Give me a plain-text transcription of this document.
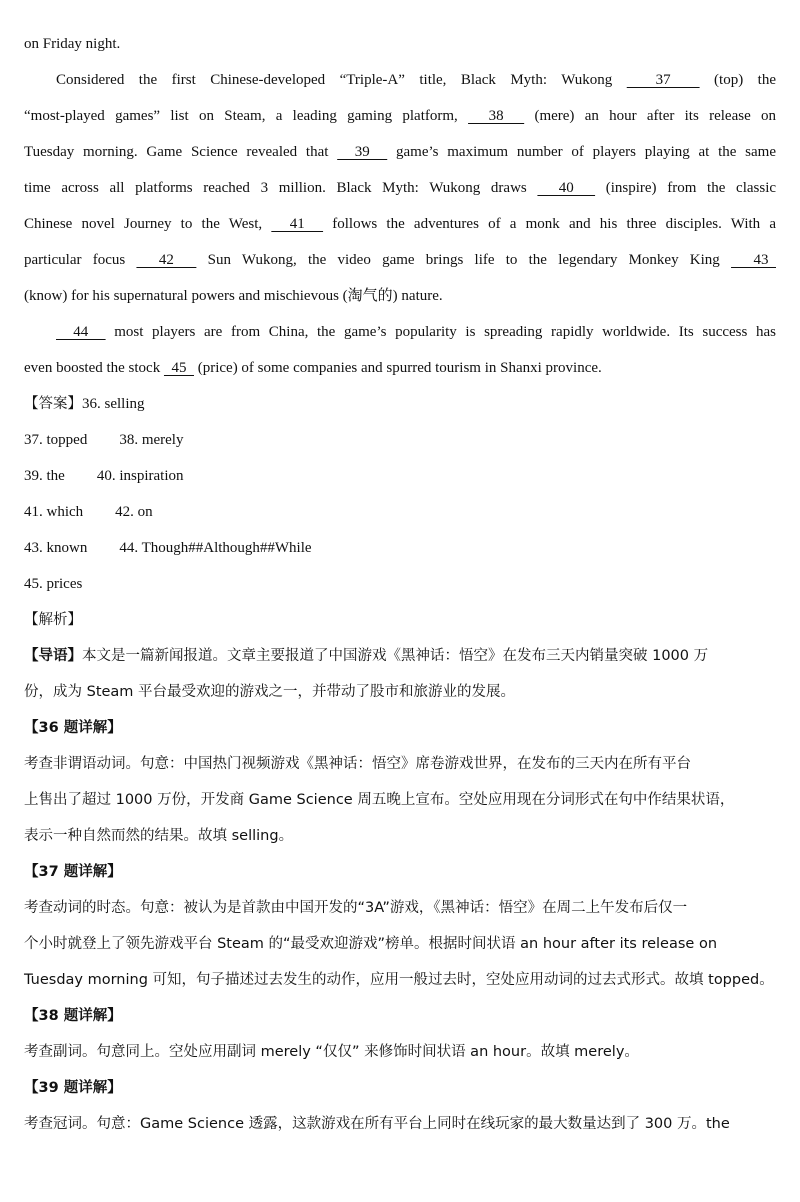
on Friday night.
Considered the first Chinese-developed “Triple-A” title, Black Myth: Wukong   37   (top) the
“most-played games” list on Steam, a leading gaming platform,   38   (mere) an hour after its release on
Tuesday morning. Game Science revealed that   39   game’s maximum number of players playing at the same
time across all platforms reached 3 million. Black Myth: Wukong draws   40   (inspire) from the classic
Chinese novel Journey to the West,   41   follows the adventures of a monk and his three disciples. With a
particular focus   42   Sun Wukong, the video game brings life to the legendary Monkey King   43
(know) for his supernatural powers and mischievous (淘气的) nature.
44   most players are from China, the game’s popularity is spreading rapidly worldwide. Its success has
even boosted the stock   45   (price) of some companies and spurred tourism in Shanxi province.
【答案】36. selling
37. topped 38. merely
39. the 40. inspiration
41. which 42. on
43. known 44. Though##Although##While
45. prices
【解析】
【导语】本文是一篇新闻报道。文章主要报道了中国游戏《黑神话：悟空》在发布三天内销量突破 1000 万
份，成为 Steam 平台最受欢迎的游戏之一，并带动了股市和旅游业的发展。
【36 题详解】
考查非谓语动词。句意：中国热门视频游戏《黑神话：悟空》席卷游戏世界，在发布的三天内在所有平台
上售出了超过 1000 万份，开发商 Game Science 周五晚上宣布。空处应用现在分词形式在句中作结果状语，
表示一种自然而然的结果。故填 selling。
【37 题详解】
考查动词的时态。句意：被认为是首款由中国开发的“3A”游戏，《黑神话：悟空》在周二上午发布后仅一
个小时就登上了领先游戏平台 Steam 的“最受欢迎游戏”榜单。根据时间状语 an hour after its release on
Tuesday morning 可知，句子描述过去发生的动作，应用一般过去时，空处应用动词的过去式形式。故填 topped。
【38 题详解】
考查副词。句意同上。空处应用副词 merely “仅仅” 来修饰时间状语 an hour。故填 merely。
【39 题详解】
考查冠词。句意：Game Science 透露，这款游戏在所有平台上同时在线玩家的最大数量达到了 300 万。the
